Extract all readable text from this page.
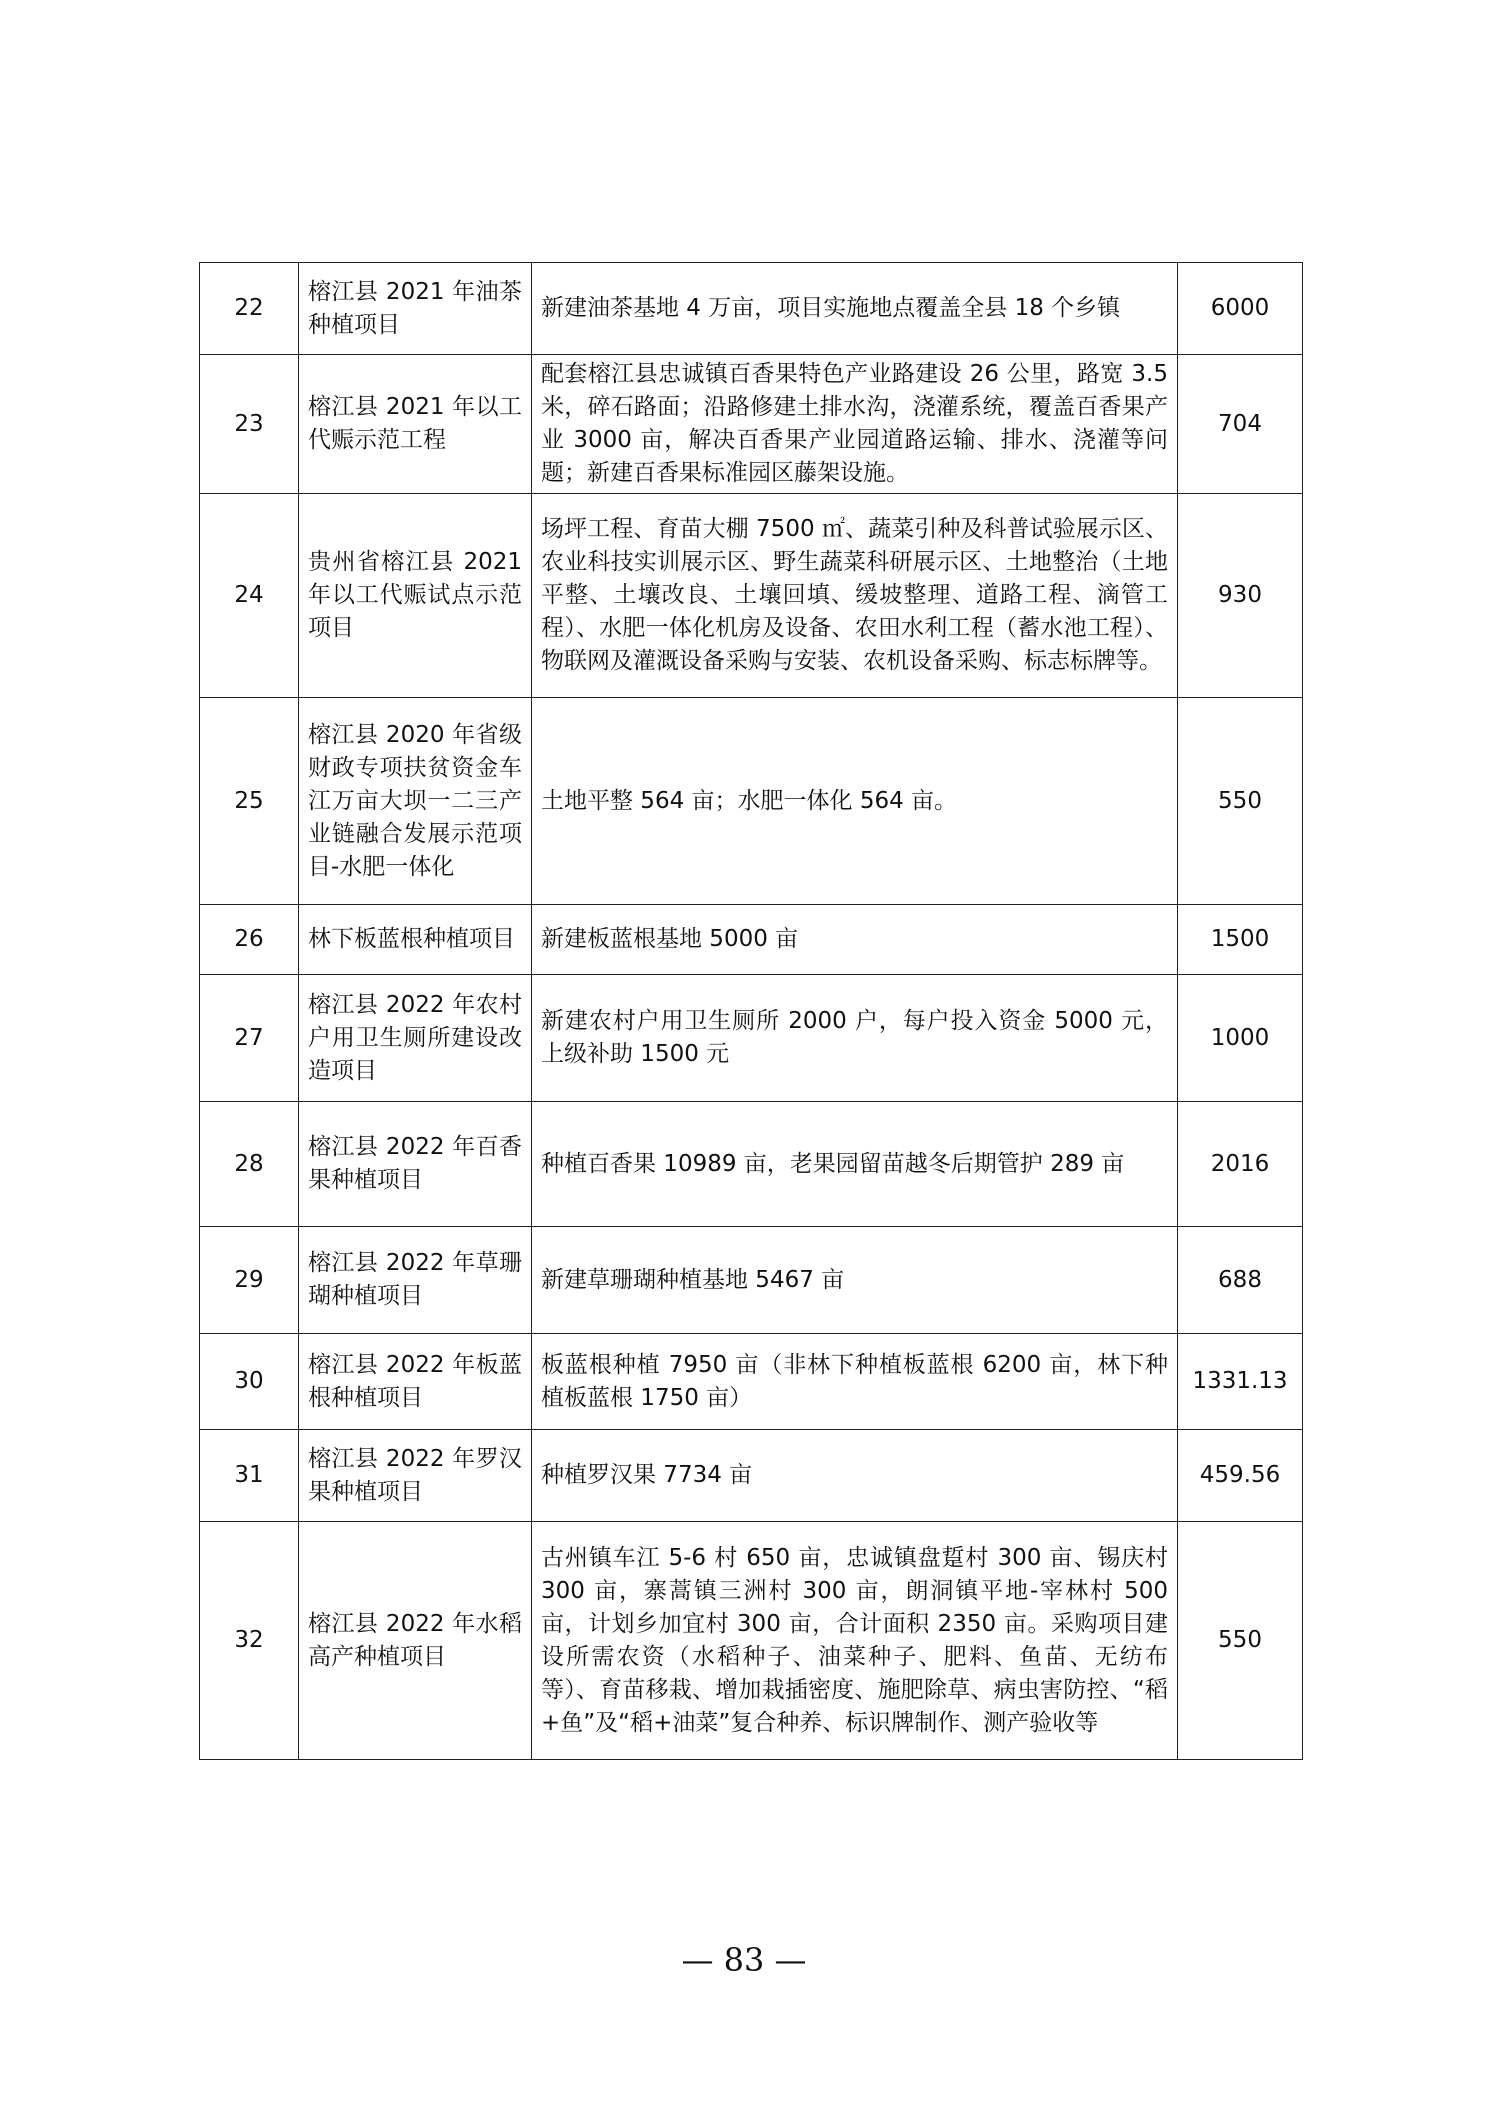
22	榕江县 2021 年油茶种植项目	新建油茶基地 4 万亩，项目实施地点覆盖全县 18 个乡镇	6000
23	榕江县 2021 年以工代赈示范工程	配套榕江县忠诚镇百香果特色产业路建设 26 公里，路宽 3.5 米，碎石路面；沿路修建土排水沟，浇灌系统，覆盖百香果产业 3000 亩，解决百香果产业园道路运输、排水、浇灌等问题；新建百香果标准园区藤架设施。	704
24	贵州省榕江县 2021 年以工代赈试点示范项目	场坪工程、育苗大棚 7500 ㎡、蔬菜引种及科普试验展示区、农业科技实训展示区、野生蔬菜科研展示区、土地整治（土地平整、土壤改良、土壤回填、缓坡整理、道路工程、滴管工程）、水肥一体化机房及设备、农田水利工程（蓄水池工程）、物联网及灌溉设备采购与安装、农机设备采购、标志标牌等。	930
25	榕江县 2020 年省级财政专项扶贫资金车江万亩大坝一二三产业链融合发展示范项目-水肥一体化	土地平整 564 亩；水肥一体化 564 亩。	550
26	林下板蓝根种植项目	新建板蓝根基地 5000 亩	1500
27	榕江县 2022 年农村户用卫生厕所建设改造项目	新建农村户用卫生厕所 2000 户，每户投入资金 5000 元，上级补助 1500 元	1000
28	榕江县 2022 年百香果种植项目	种植百香果 10989 亩，老果园留苗越冬后期管护 289 亩	2016
29	榕江县 2022 年草珊瑚种植项目	新建草珊瑚种植基地 5467 亩	688
30	榕江县 2022 年板蓝根种植项目	板蓝根种植 7950 亩（非林下种植板蓝根 6200 亩，林下种植板蓝根 1750 亩）	1331.13
31	榕江县 2022 年罗汉果种植项目	种植罗汉果 7734 亩	459.56
32	榕江县 2022 年水稻高产种植项目	古州镇车江 5-6 村 650 亩，忠诚镇盘踅村 300 亩、锡庆村 300 亩，寨蒿镇三洲村 300 亩，朗洞镇平地-宰林村 500 亩，计划乡加宜村 300 亩，合计面积 2350 亩。采购项目建设所需农资（水稻种子、油菜种子、肥料、鱼苗、无纺布等）、育苗移栽、增加栽插密度、施肥除草、病虫害防控、“稻+鱼”及“稻+油菜”复合种养、标识牌制作、测产验收等	550
— 83 —
